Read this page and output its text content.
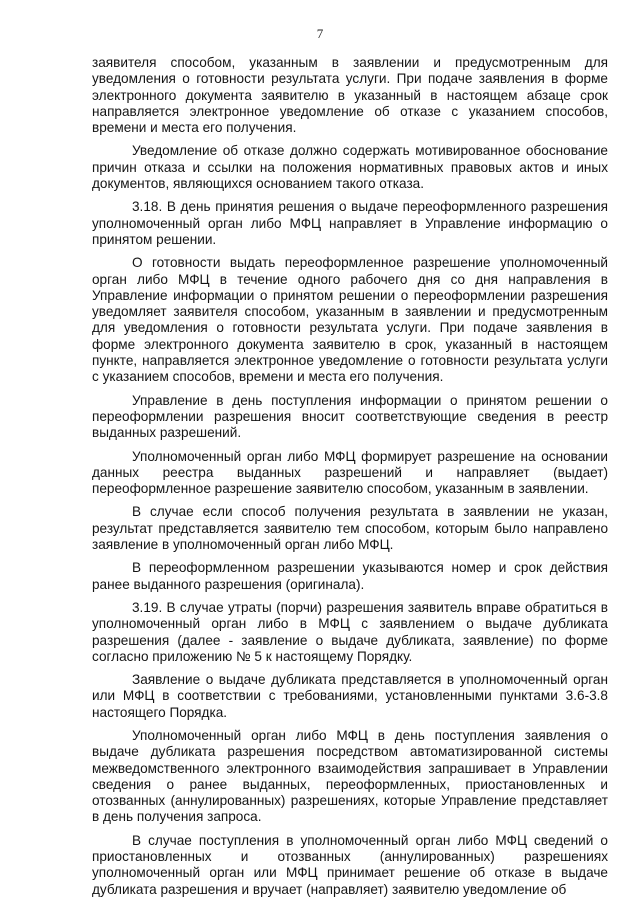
7

заявителя способом, указанным в заявлении и предусмотренным для уведомления о готовности результата услуги. При подаче заявления в форме электронного документа заявителю в указанный в настоящем абзаце срок направляется электронное уведомление об отказе с указанием способов, времени и места его получения.

Уведомление об отказе должно содержать мотивированное обоснование причин отказа и ссылки на положения нормативных правовых актов и иных документов, являющихся основанием такого отказа.

3.18. В день принятия решения о выдаче переоформленного разрешения уполномоченный орган либо МФЦ направляет в Управление информацию о принятом решении.

О готовности выдать переоформленное разрешение уполномоченный орган либо МФЦ в течение одного рабочего дня со дня направления в Управление информации о принятом решении о переоформлении разрешения уведомляет заявителя способом, указанным в заявлении и предусмотренным для уведомления о готовности результата услуги. При подаче заявления в форме электронного документа заявителю в срок, указанный в настоящем пункте, направляется электронное уведомление о готовности результата услуги с указанием способов, времени и места его получения.

Управление в день поступления информации о принятом решении о переоформлении разрешения вносит соответствующие сведения в реестр выданных разрешений.

Уполномоченный орган либо МФЦ формирует разрешение на основании данных реестра выданных разрешений и направляет (выдает) переоформленное разрешение заявителю способом, указанным в заявлении.

В случае если способ получения результата в заявлении не указан, результат представляется заявителю тем способом, которым было направлено заявление в уполномоченный орган либо МФЦ.

В переоформленном разрешении указываются номер и срок действия ранее выданного разрешения (оригинала).

3.19. В случае утраты (порчи) разрешения заявитель вправе обратиться в уполномоченный орган либо в МФЦ с заявлением о выдаче дубликата разрешения (далее - заявление о выдаче дубликата, заявление) по форме согласно приложению № 5 к настоящему Порядку.

Заявление о выдаче дубликата представляется в уполномоченный орган или МФЦ в соответствии с требованиями, установленными пунктами 3.6-3.8 настоящего Порядка.

Уполномоченный орган либо МФЦ в день поступления заявления о выдаче дубликата разрешения посредством автоматизированной системы межведомственного электронного взаимодействия запрашивает в Управлении сведения о ранее выданных, переоформленных, приостановленных и отозванных (аннулированных) разрешениях, которые Управление представляет в день получения запроса.

В случае поступления в уполномоченный орган либо МФЦ сведений о приостановленных и отозванных (аннулированных) разрешениях уполномоченный орган или МФЦ принимает решение об отказе в выдаче дубликата разрешения и вручает (направляет) заявителю уведомление об
